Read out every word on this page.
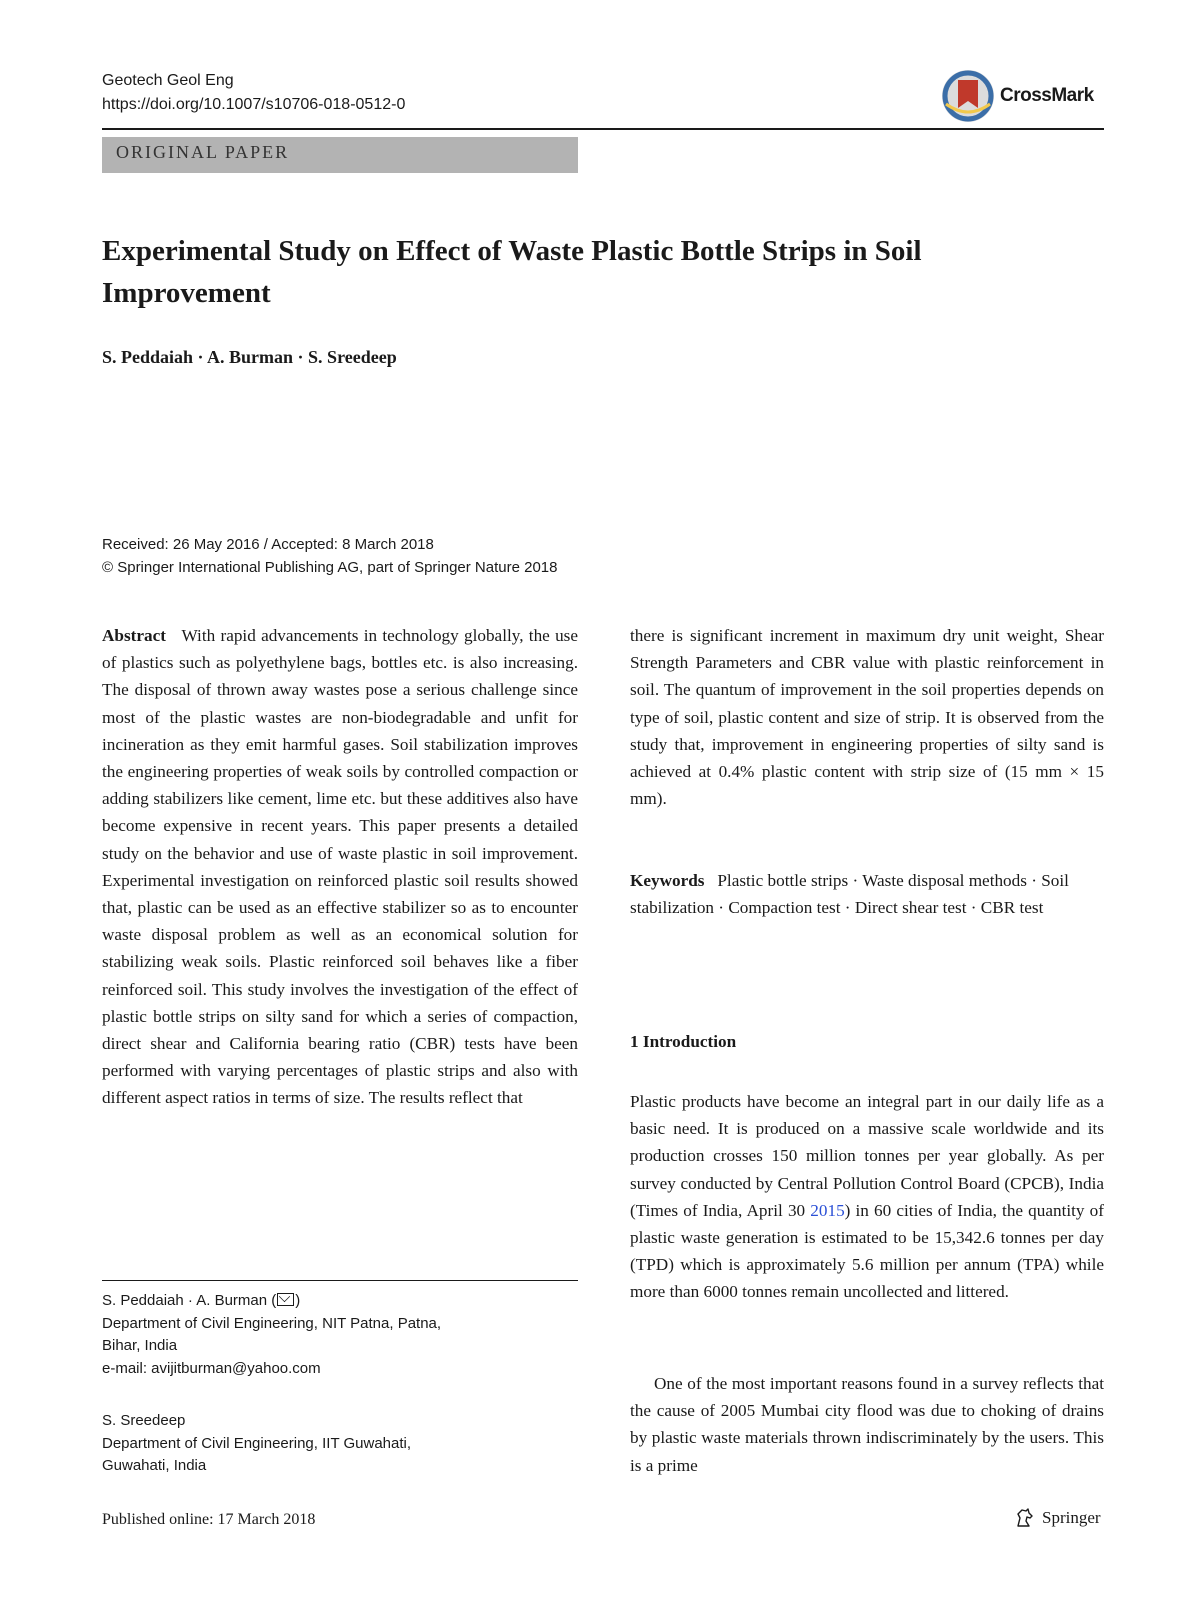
Geotech Geol Eng
https://doi.org/10.1007/s10706-018-0512-0	CrossMark
ORIGINAL PAPER
Experimental Study on Effect of Waste Plastic Bottle Strips in Soil Improvement
S. Peddaiah · A. Burman · S. Sreedeep
Received: 26 May 2016 / Accepted: 8 March 2018
© Springer International Publishing AG, part of Springer Nature 2018
Abstract With rapid advancements in technology globally, the use of plastics such as polyethylene bags, bottles etc. is also increasing. The disposal of thrown away wastes pose a serious challenge since most of the plastic wastes are non-biodegradable and unfit for incineration as they emit harmful gases. Soil stabilization improves the engineering properties of weak soils by controlled compaction or adding stabilizers like cement, lime etc. but these additives also have become expensive in recent years. This paper presents a detailed study on the behavior and use of waste plastic in soil improvement. Experimental investigation on reinforced plastic soil results showed that, plastic can be used as an effective stabilizer so as to encounter waste disposal problem as well as an economical solution for stabilizing weak soils. Plastic reinforced soil behaves like a fiber reinforced soil. This study involves the investigation of the effect of plastic bottle strips on silty sand for which a series of compaction, direct shear and California bearing ratio (CBR) tests have been performed with varying percentages of plastic strips and also with different aspect ratios in terms of size. The results reflect that
there is significant increment in maximum dry unit weight, Shear Strength Parameters and CBR value with plastic reinforcement in soil. The quantum of improvement in the soil properties depends on type of soil, plastic content and size of strip. It is observed from the study that, improvement in engineering properties of silty sand is achieved at 0.4% plastic content with strip size of (15 mm × 15 mm).
Keywords Plastic bottle strips · Waste disposal methods · Soil stabilization · Compaction test · Direct shear test · CBR test
1 Introduction
Plastic products have become an integral part in our daily life as a basic need. It is produced on a massive scale worldwide and its production crosses 150 million tonnes per year globally. As per survey conducted by Central Pollution Control Board (CPCB), India (Times of India, April 30 2015) in 60 cities of India, the quantity of plastic waste generation is estimated to be 15,342.6 tonnes per day (TPD) which is approximately 5.6 million per annum (TPA) while more than 6000 tonnes remain uncollected and littered.
One of the most important reasons found in a survey reflects that the cause of 2005 Mumbai city flood was due to choking of drains by plastic waste materials thrown indiscriminately by the users. This is a prime
S. Peddaiah · A. Burman ( )
Department of Civil Engineering, NIT Patna, Patna,
Bihar, India
e-mail: avijitburman@yahoo.com
S. Sreedeep
Department of Civil Engineering, IIT Guwahati,
Guwahati, India
Published online: 17 March 2018	Springer
